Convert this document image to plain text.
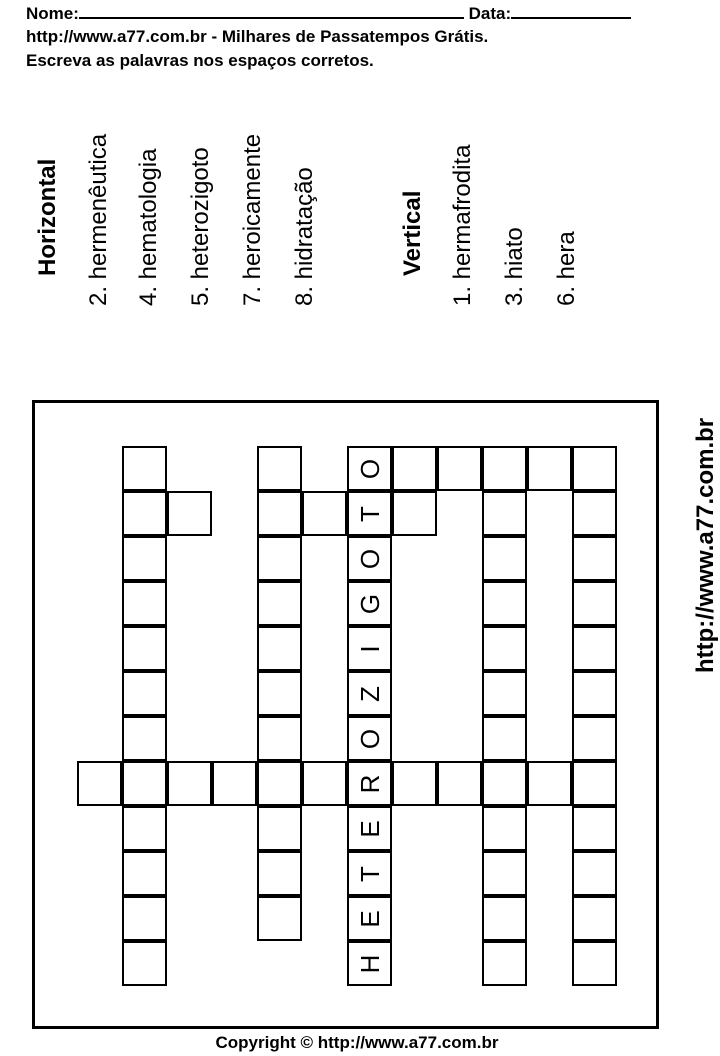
Nome:	Data:
http://www.a77.com.br - Milhares de Passatempos Grátis.
Escreva as palavras nos espaços corretos.
Horizontal 2. hermenêutica 4. hematologia 5. heterozigoto 7. heroicamente 8. hidratação	Vertical 1. hermafrodita 3. hiato 6. hera
O
T
O
G
I
Z
O
R
E
T
E
H
http://www.a77.com.br
Copyright © http://www.a77.com.br
